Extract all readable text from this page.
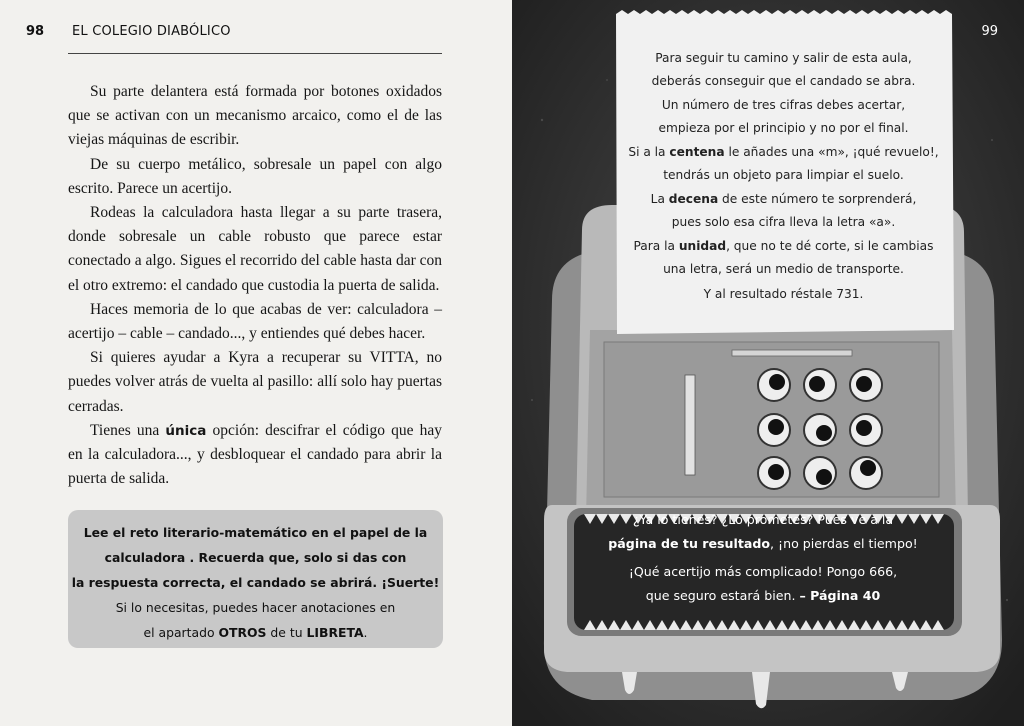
98 EL COLEGIO DIABÓLICO

Su parte delantera está formada por botones oxidados que se activan con un mecanismo arcaico, como el de las viejas máquinas de escribir.

De su cuerpo metálico, sobresale un papel con algo escrito. Parece un acertijo.

Rodeas la calculadora hasta llegar a su parte trasera, donde sobresale un cable robusto que parece estar conectado a algo. Sigues el recorrido del cable hasta dar con el otro extremo: el candado que custodia la puerta de salida.

Haces memoria de lo que acabas de ver: calculadora – acertijo – cable – candado..., y entiendes qué debes hacer.

Si quieres ayudar a Kyra a recuperar su VITTA, no puedes volver atrás de vuelta al pasillo: allí solo hay puertas cerradas.

Tienes una única opción: descifrar el código que hay en la calculadora..., y desbloquear el candado para abrir la puerta de salida.

Lee el reto literario-matemático en el papel de la
calculadora . Recuerda que, solo si das con
la respuesta correcta, el candado se abrirá. ¡Suerte!
Si lo necesitas, puedes hacer anotaciones en
el apartado OTROS de tu LIBRETA.
99
Para seguir tu camino y salir de esta aula,
deberás conseguir que el candado se abra.
Un número de tres cifras debes acertar,
empieza por el principio y no por el final.
Si a la centena le añades una «m», ¡qué revuelo!,
tendrás un objeto para limpiar el suelo.
La decena de este número te sorprenderá,
pues solo esa cifra lleva la letra «a».
Para la unidad, que no te dé corte, si le cambias
una letra, será un medio de transporte.
Y al resultado réstale 731.
¿Ya lo tienes? ¿Lo prometes? Pues ve a la
página de tu resultado, ¡no pierdas el tiempo!
¡Qué acertijo más complicado! Pongo 666,
que seguro estará bien. – Página 40
